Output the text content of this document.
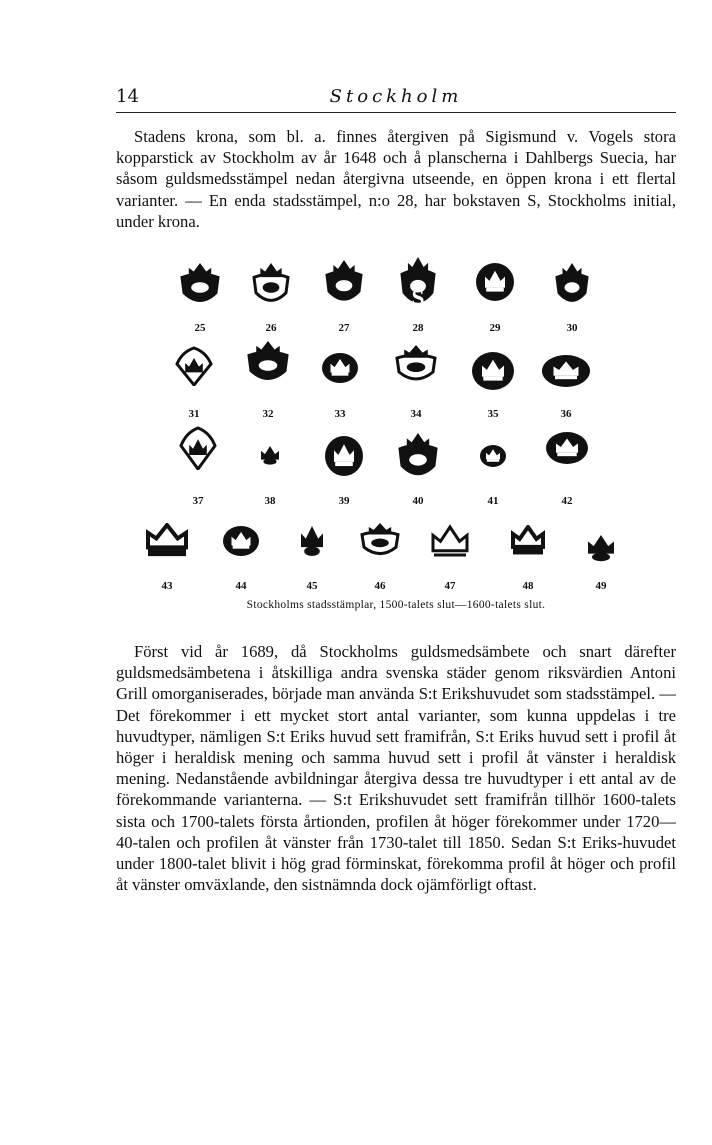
14	Stockholm

Stadens krona, som bl. a. finnes återgiven på Sigismund v. Vogels stora kopparstick av Stockholm av år 1648 och å planscherna i Dahlbergs Suecia, har såsom guldsmedsstämpel nedan återgivna utseende, en öppen krona i ett flertal varianter. — En enda stadsstämpel, n:o 28, har bokstaven S, Stockholms initial, under krona.

25	26	27
S
28	29	30
31	32	33	34	35	36
37	38	39	40	41	42
43	44	45	46	47	48	49
Stockholms stadsstämplar, 1500-talets slut—1600-talets slut.

Först vid år 1689, då Stockholms guldsmedsämbete och snart därefter guldsmedsämbetena i åtskilliga andra svenska städer genom riksvärdien Antoni Grill omorganiserades, började man använda S:t Erikshuvudet som stadsstämpel. — Det förekommer i ett mycket stort antal varianter, som kunna uppdelas i tre huvudtyper, nämligen S:t Eriks huvud sett framifrån, S:t Eriks huvud sett i profil åt höger i heraldisk mening och samma huvud sett i profil åt vänster i heraldisk mening. Nedanstående avbildningar återgiva dessa tre huvudtyper i ett antal av de förekommande varianterna. — S:t Erikshuvudet sett framifrån tillhör 1600-talets sista och 1700-talets första årtionden, profilen åt höger förekommer under 1720—40-talen och profilen åt vänster från 1730-talet till 1850. Sedan S:t Eriks-huvudet under 1800-talet blivit i hög grad förminskat, förekomma profil åt höger och profil åt vänster omväxlande, den sistnämnda dock ojämförligt oftast.
